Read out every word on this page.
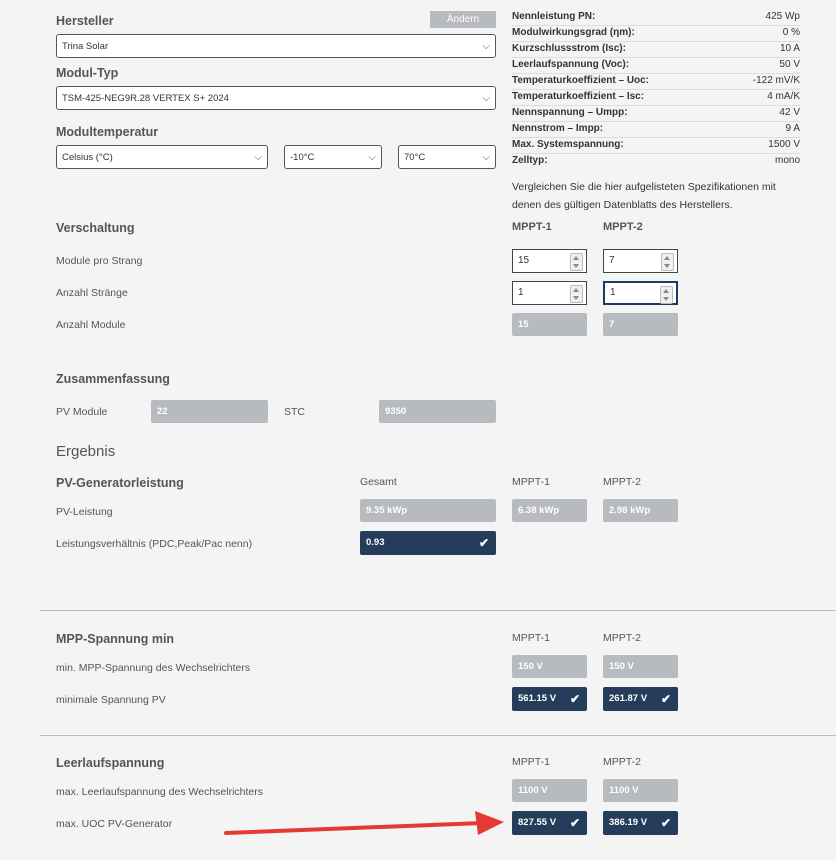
Hersteller	Ändern
Trina Solar	⌵
Modul-Typ
TSM-425-NEG9R.28 VERTEX S+ 2024	⌵
Modultemperatur
Celsius (°C)	⌵	-10°C	⌵	70°C	⌵
Nennleistung PN:	425 Wp
Modulwirkungsgrad (ηm):	0 %
Kurzschlussstrom (Isc):	10 A
Leerlaufspannung (Voc):	50 V
Temperaturkoeffizient – Uoc:	-122 mV/K
Temperaturkoeffizient – Isc:	4 mA/K
Nennspannung – Umpp:	42 V
Nennstrom – Impp:	9 A
Max. Systemspannung:	1500 V
Zelltyp:	mono
Vergleichen Sie die hier aufgelisteten Spezifikationen mit denen des gültigen Datenblatts des Herstellers.
Verschaltung	MPPT-1	MPPT-2
Module pro Strang	15	7
Anzahl Stränge	1	1
Anzahl Module	15	7
Zusammenfassung
PV Module	22	STC	9350
Ergebnis
PV-Generatorleistung	Gesamt	MPPT-1	MPPT-2
PV-Leistung	9.35 kWp	6.38 kWp	2.98 kWp
Leistungsverhältnis (PDC,Peak/Pac nenn)	0.93	✔
MPP-Spannung min	MPPT-1	MPPT-2
min. MPP-Spannung des Wechselrichters	150 V	150 V
minimale Spannung PV	561.15 V ✔	261.87 V ✔
Leerlaufspannung	MPPT-1	MPPT-2
max. Leerlaufspannung des Wechselrichters	1100 V	1100 V
max. UOC PV-Generator	827.55 V ✔	386.19 V ✔
